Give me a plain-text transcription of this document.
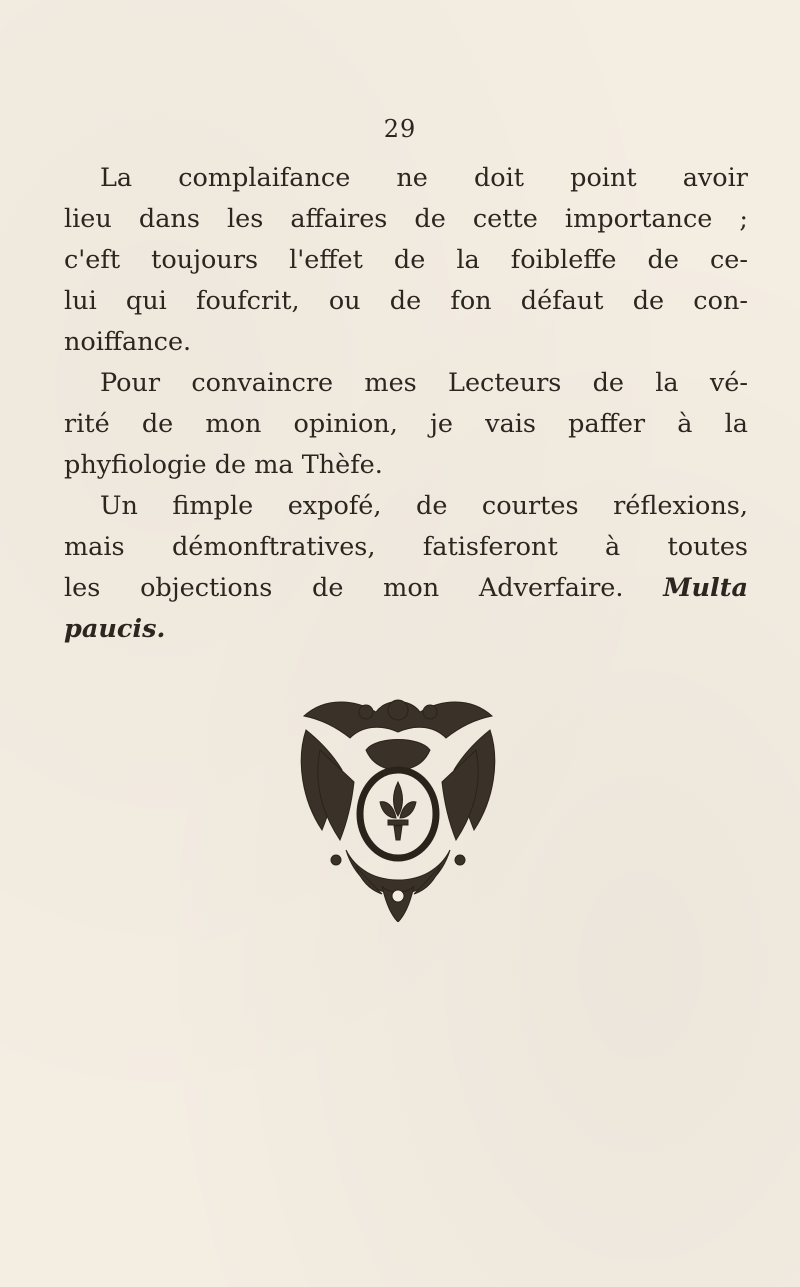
29
La complaifance ne doit point avoir
lieu dans les affaires de cette importance ;
c'eft toujours l'effet de la foibleffe de ce-
lui qui foufcrit, ou de fon défaut de con-
noiffance.
Pour convaincre mes Lecteurs de la vé-
rité de mon opinion, je vais paffer à la
phyfiologie de ma Thèfe.
Un fimple expofé, de courtes réflexions,
mais démonftratives, fatisferont à toutes
les objections de mon Adverfaire. Multa
paucis.
